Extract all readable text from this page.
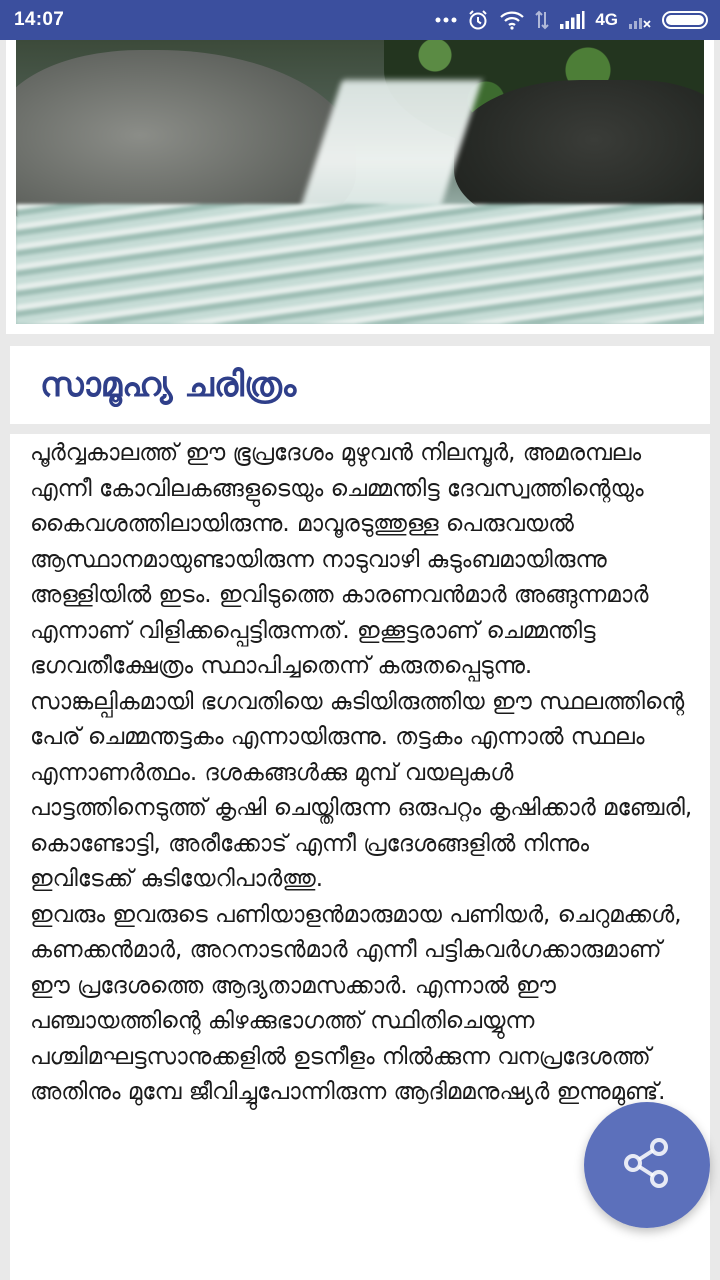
14:07	4G
സാമൂഹ്യ ചരിത്രം

പൂർവ്വകാലത്ത് ഈ ഭൂപ്രദേശം മുഴുവൻ നിലമ്പൂർ, അമരമ്പലം എന്നീ കോവിലകങ്ങളുടെയും ചെമ്മന്തിട്ട ദേവസ്വത്തിന്റെയും കൈവശത്തിലായിരുന്നു. മാവൂരടുത്തുള്ള പെരുവയൽ ആസ്ഥാനമായുണ്ടായിരുന്ന നാടുവാഴി കുടുംബമായിരുന്നു അള്ളിയിൽ ഇടം. ഇവിടുത്തെ കാരണവൻമാർ അങ്ങുന്നമാർ എന്നാണ് വിളിക്കപ്പെട്ടിരുന്നത്. ഇക്കൂട്ടരാണ് ചെമ്മന്തിട്ട ഭഗവതീക്ഷേത്രം സ്ഥാപിച്ചതെന്ന് കരുതപ്പെടുന്നു. സാങ്കല്പികമായി ഭഗവതിയെ കുടിയിരുത്തിയ ഈ സ്ഥലത്തിന്റെ പേര് ചെമ്മന്തട്ടകം എന്നായിരുന്നു. തട്ടകം എന്നാൽ സ്ഥലം എന്നാണർത്ഥം. ദശകങ്ങൾക്കു മുമ്പ് വയലുകൾ പാട്ടത്തിനെടുത്ത് കൃഷി ചെയ്തിരുന്ന ഒരുപറ്റം കൃഷിക്കാർ മഞ്ചേരി, കൊണ്ടോട്ടി, അരീക്കോട് എന്നീ പ്രദേശങ്ങളിൽ നിന്നും ഇവിടേക്ക് കുടിയേറിപാർത്തു.

ഇവരും ഇവരുടെ പണിയാളൻമാരുമായ പണിയർ, ചെറുമക്കൾ, കണക്കൻമാർ, അറനാടൻമാർ എന്നീ പട്ടികവർഗക്കാരുമാണ് ഈ പ്രദേശത്തെ ആദ്യതാമസക്കാർ. എന്നാൽ ഈ പഞ്ചായത്തിന്റെ കിഴക്കുഭാഗത്ത് സ്ഥിതിചെയ്യുന്ന പശ്ചിമഘട്ടസാനുക്കളിൽ ഉടനീളം നിൽക്കുന്ന വനപ്രദേശത്ത് അതിനും മുമ്പേ ജീവിച്ചുപോന്നിരുന്ന ആദിമമനുഷ്യർ ഇന്നുമുണ്ട്.
